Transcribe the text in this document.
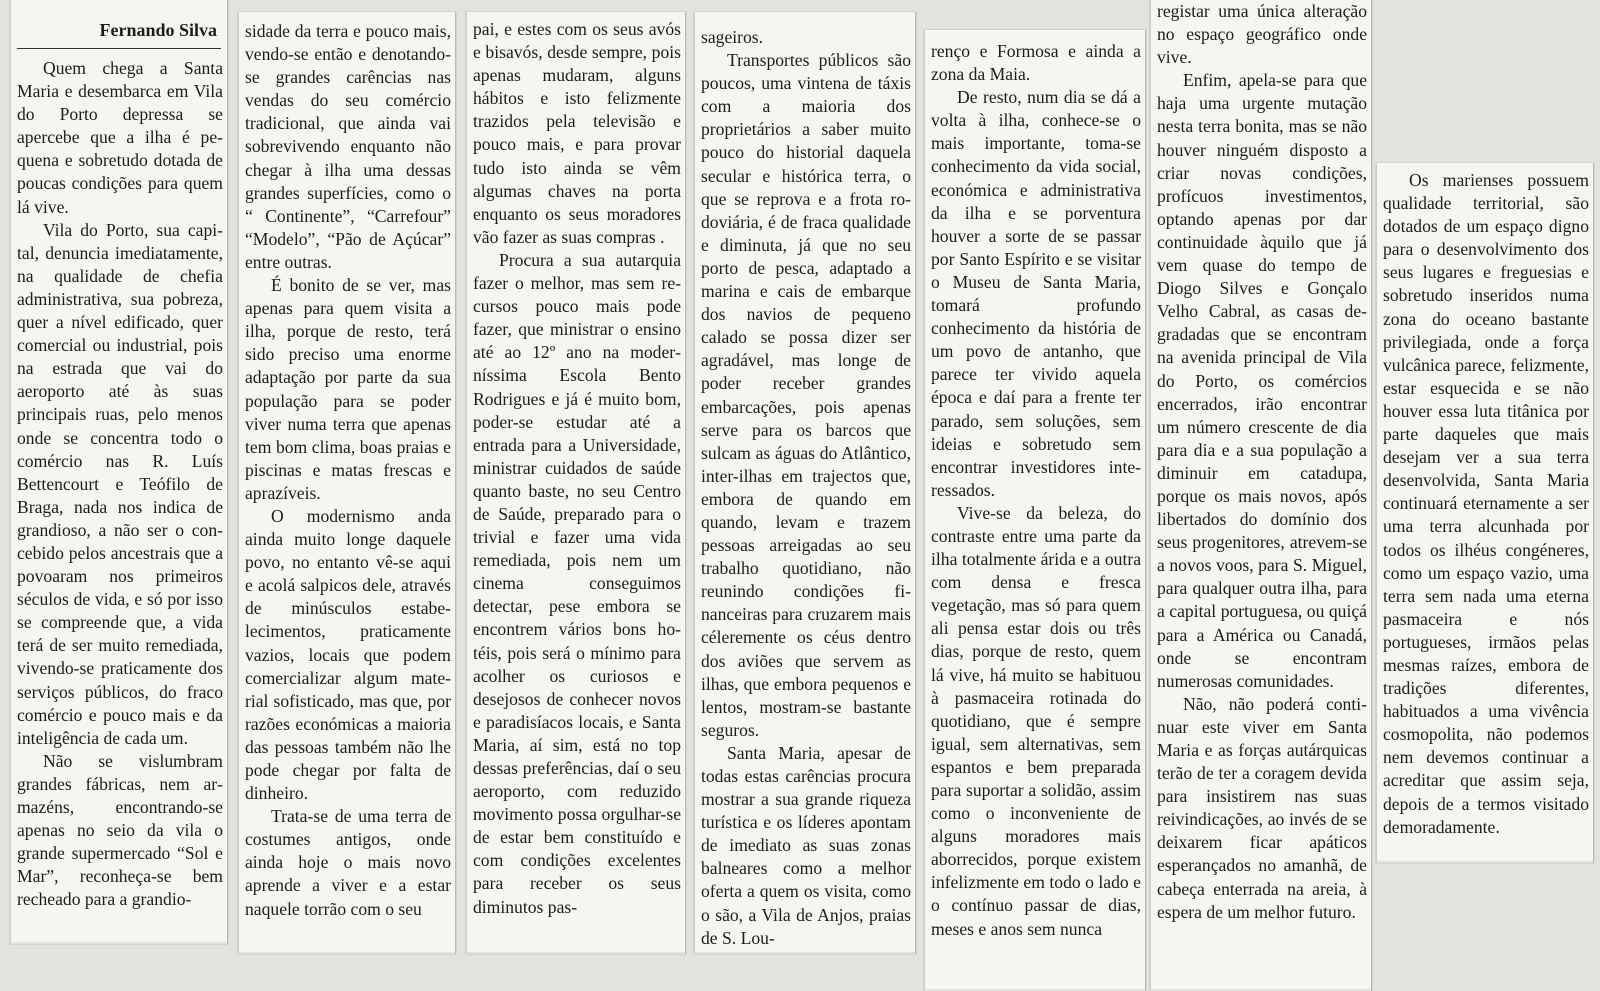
Fernando Silva

Quem chega a Santa Maria e desembarca em Vila do Porto depressa se apercebe que a ilha é pequena e sobretudo dotada de poucas condições para quem lá vive.

Vila do Porto, sua capital, denuncia imediatamente, na qualidade de chefia administrativa, sua pobreza, quer a nível edificado, quer comercial ou industrial, pois na estrada que vai do aeroporto até às suas principais ruas, pelo menos onde se concentra todo o comércio nas R. Luís Bettencourt e Teófilo de Braga, nada nos indica de grandioso, a não ser o concebido pelos ancestrais que a povoaram nos primeiros séculos de vida, e só por isso se compreende que, a vida terá de ser muito remediada, vivendo-se praticamente dos serviços públicos, do fraco comércio e pouco mais e da inteligência de cada um.

Não se vislumbram grandes fábricas, nem armazéns, encontrando-se apenas no seio da vila o grande supermercado “Sol e Mar”, reconheça-se bem recheado para a grandio-

sidade da terra e pouco mais, vendo-se então e denotando-se grandes carências nas vendas do seu comércio tradicional, que ainda vai sobrevivendo enquanto não chegar à ilha uma dessas grandes superfícies, como o “ Continente”, “Carrefour” “Modelo”, “Pão de Açúcar” entre outras.

É bonito de se ver, mas apenas para quem visita a ilha, porque de resto, terá sido preciso uma enorme adaptação por parte da sua população para se poder viver numa terra que apenas tem bom clima, boas praias e piscinas e matas frescas e aprazíveis.

O modernismo anda ainda muito longe daquele povo, no entanto vê-se aqui e acolá salpicos dele, através de minúsculos estabelecimentos, praticamente vazios, locais que podem comercializar algum material sofisticado, mas que, por razões económicas a maioria das pessoas também não lhe pode chegar por falta de dinheiro.

Trata-se de uma terra de costumes antigos, onde ainda hoje o mais novo aprende a viver e a estar naquele torrão com o seu

pai, e estes com os seus avós e bisavós, desde sempre, pois apenas mudaram, alguns hábitos e isto felizmente trazidos pela televisão e pouco mais, e para provar tudo isto ainda se vêm algumas chaves na porta enquanto os seus moradores vão fazer as suas compras .

Procura a sua autarquia fazer o melhor, mas sem recursos pouco mais pode fazer, que ministrar o ensino até ao 12º ano na moderníssima Escola Bento Rodrigues e já é muito bom, poder-se estudar até a entrada para a Universidade, ministrar cuidados de saúde quanto baste, no seu Centro de Saúde, preparado para o trivial e fazer uma vida remediada, pois nem um cinema conseguimos detectar, pese embora se encontrem vários bons hotéis, pois será o mínimo para acolher os curiosos e desejosos de conhecer novos e paradisíacos locais, e Santa Maria, aí sim, está no top dessas preferências, daí o seu aeroporto, com reduzido movimento possa orgulhar-se de estar bem constituído e com condições excelentes para receber os seus diminutos pas-

sageiros.

Transportes públicos são poucos, uma vintena de táxis com a maioria dos proprietários a saber muito pouco do historial daquela secular e histórica terra, o que se reprova e a frota rodoviária, é de fraca qualidade e diminuta, já que no seu porto de pesca, adaptado a marina e cais de embarque dos navios de pequeno calado se possa dizer ser agradável, mas longe de poder receber grandes embarcações, pois apenas serve para os barcos que sulcam as águas do Atlântico, inter-ilhas em trajectos que, embora de quando em quando, levam e trazem pessoas arreigadas ao seu trabalho quotidiano, não reunindo condições financeiras para cruzarem mais céleremente os céus dentro dos aviões que servem as ilhas, que embora pequenos e lentos, mostram-se bastante seguros.

Santa Maria, apesar de todas estas carências procura mostrar a sua grande riqueza turística e os líderes apontam de imediato as suas zonas balneares como a melhor oferta a quem os visita, como o são, a Vila de Anjos, praias de S. Lou-

renço e Formosa e ainda a zona da Maia.

De resto, num dia se dá a volta à ilha, conhece-se o mais importante, toma-se conhecimento da vida social, económica e administrativa da ilha e se porventura houver a sorte de se passar por Santo Espírito e se visitar o Museu de Santa Maria, tomará profundo conhecimento da história de um povo de antanho, que parece ter vivido aquela época e daí para a frente ter parado, sem soluções, sem ideias e sobretudo sem encontrar investidores interessados.

Vive-se da beleza, do contraste entre uma parte da ilha totalmente árida e a outra com densa e fresca vegetação, mas só para quem ali pensa estar dois ou três dias, porque de resto, quem lá vive, há muito se habituou à pasmaceira rotinada do quotidiano, que é sempre igual, sem alternativas, sem espantos e bem preparada para suportar a solidão, assim como o inconveniente de alguns moradores mais aborrecidos, porque existem infelizmente em todo o lado e o contínuo passar de dias, meses e anos sem nunca

registar uma única alteração no espaço geográfico onde vive.

Enfim, apela-se para que haja uma urgente mutação nesta terra bonita, mas se não houver ninguém disposto a criar novas condições, profícuos investimentos, optando apenas por dar continuidade àquilo que já vem quase do tempo de Diogo Silves e Gonçalo Velho Cabral, as casas degradadas que se encontram na avenida principal de Vila do Porto, os comércios encerrados, irão encontrar um número crescente de dia para dia e a sua população a diminuir em catadupa, porque os mais novos, após libertados do domínio dos seus progenitores, atrevem-se a novos voos, para S. Miguel, para qualquer outra ilha, para a capital portuguesa, ou quiçá para a América ou Canadá, onde se encontram numerosas comunidades.

Não, não poderá continuar este viver em Santa Maria e as forças autárquicas terão de ter a coragem devida para insistirem nas suas reivindicações, ao invés de se deixarem ficar apáticos esperançados no amanhã, de cabeça enterrada na areia, à espera de um melhor futuro.

Os marienses possuem qualidade territorial, são dotados de um espaço digno para o desenvolvimento dos seus lugares e freguesias e sobretudo inseridos numa zona do oceano bastante privilegiada, onde a força vulcânica parece, felizmente, estar esquecida e se não houver essa luta titânica por parte daqueles que mais desejam ver a sua terra desenvolvida, Santa Maria continuará eternamente a ser uma terra alcunhada por todos os ilhéus congéneres, como um espaço vazio, uma terra sem nada uma eterna pasmaceira e nós portugueses, irmãos pelas mesmas raízes, embora de tradições diferentes, habituados a uma vivência cosmopolita, não podemos nem devemos continuar a acreditar que assim seja, depois de a termos visitado demoradamente.
